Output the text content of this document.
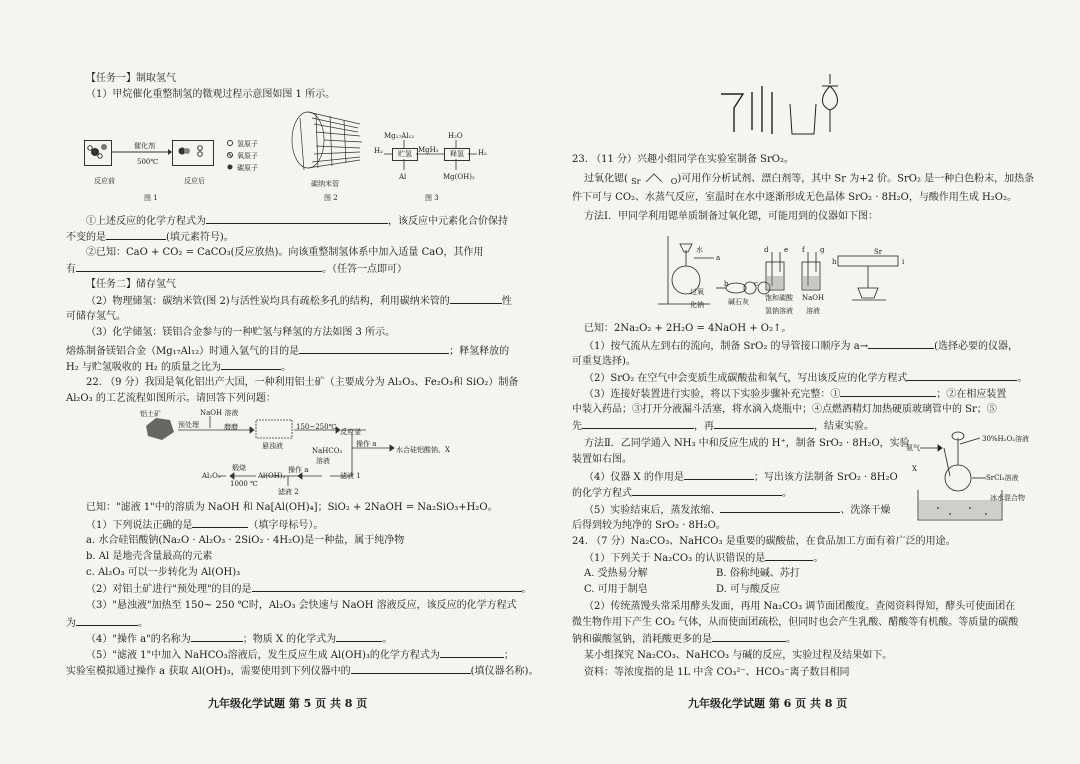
【任务一】制取氢气
（1）甲烷催化重整制氢的微观过程示意图如图 1 所示。
催化剂
500℃
氢原子
氧原子
碳原子
反应前	反应后
图 1
碳纳米管
图 2
Mg₁₇Al₁₂	H₂O
H₂	贮氢 MgH₂	释氢	H₂
Al	Mg(OH)₂
图 3
①上述反应的化学方程式为	，该反应中元素化合价保持
不变的是	(填元素符号)。
②已知：CaO + CO₂ = CaCO₃(反应放热)。向该重整制氢体系中加入适量 CaO，其作用
有	。（任答一点即可）
【任务二】储存氢气
（2）物理储氢：碳纳米管(图 2)与活性炭均具有疏松多孔的结构，利用碳纳米管的	性
可储存氢气。
（3）化学储氢：镁铝合金参与的一种贮氢与释氢的方法如图 3 所示。
熔炼制备镁铝合金（Mg₁₇Al₁₂）时通入氩气的目的是	；释氢释放的
H₂ 与贮氢吸收的 H₂ 的质量之比为	。
22. （9 分）我国是氧化铝出产大国，一种利用铝土矿（主要成分为 Al₂O₃、Fe₂O₃和 SiO₂）制备
Al₂O₃ 的工艺流程如图所示。请回答下列问题：
铝土矿
预处理
NaOH 溶液
磨磨
悬浊液
150~250℃
反应釜
操作 a
水合硅铝酸钠、X
NaHCO₃
溶液
滤液 1
Al₂O₃
煅烧
1000 ℃
Al(OH)₃
操作 a
滤液 2
已知："滤液 1"中的溶质为 NaOH 和 Na[Al(OH)₄]；SiO₂ + 2NaOH = Na₂SiO₃+H₂O。
（1）下列说法正确的是	（填字母标号）。
a. 水合硅铝酸钠(Na₂O · Al₂O₃ · 2SiO₂ · 4H₂O)是一种盐，属于纯净物
b. Al 是地壳含量最高的元素
c. Al₂O₃ 可以一步转化为 Al(OH)₃
（2）对铝土矿进行"预处理"的目的是	。
（3）"悬浊液"加热至 150~ 250 ℃时，Al₂O₃ 会快速与 NaOH 溶液反应，该反应的化学方程式
为	。
（4）"操作 a"的名称为	；物质 X 的化学式为	。
（5）"滤液 1"中加入 NaHCO₃溶液后，发生反应生成 Al(OH)₃的化学方程式为	；
实验室模拟通过操作 a 获取 Al(OH)₃，需要使用到下列仪器中的	(填仪器名称)。
九年级化学试题 第 5 页 共 8 页
23. （11 分）兴趣小组同学在实验室制备 SrO₂。
过氧化锶( $_{Sr}$	$_O$)可用作分析试剂、漂白剂等，其中 Sr 为+2 价。SrO₂ 是一种白色粉末，加热条
件下可与 CO₂、水蒸气反应，室温时在水中逐渐形成无色晶体 SrO₂ · 8H₂O，与酸作用生成 H₂O₂。
方法Ⅰ．甲同学利用锶单质制备过氧化锶，可能用到的仪器如下图：
水
a
b	c
d e f g
h	i
Sr
过氧化钠	碱石灰	饱和碳酸氢钠溶液
NaOH 溶液
已知：2Na₂O₂ + 2H₂O = 4NaOH + O₂↑。
（1）按气流从左到右的流向，制备 SrO₂ 的导管接口顺序为 a→	(选择必要的仪器，
可重复选择)。
（2）SrO₂ 在空气中会变质生成碳酸盐和氧气，写出该反应的化学方程式	。
（3）连接好装置进行实验，将以下实验步骤补充完整：①	；②在相应装置
中装入药品；③打开分液漏斗活塞，将水滴入烧瓶中；④点燃酒精灯加热硬质玻璃管中的 Sr；⑤
先	，再	，结束实验。
方法Ⅱ．乙同学通入 NH₃ 中和反应生成的 H⁺，制备 SrO₂ · 8H₂O，实验
装置如右图。
氨气
30%H₂O₂溶液
X
SrCl₂溶液
冰水混合物
（4）仪器 X 的作用是	；写出该方法制备 SrO₂ · 8H₂O
的化学方程式	。
（5）实验结束后，蒸发浓缩、	、洗涤干燥
后得到较为纯净的 SrO₂ · 8H₂O。
24. （7 分）Na₂CO₃、NaHCO₃ 是重要的碳酸盐，在食品加工方面有着广泛的用途。
（1）下列关于 Na₂CO₃ 的认识错误的是	。
A. 受热易分解	B. 俗称纯碱、苏打
C. 可用于制皂	D. 可与酸反应
（2）传统蒸馒头常采用酵头发面，再用 Na₂CO₃ 调节面团酸度。查阅资料得知，酵头可使面团在
微生物作用下产生 CO₂ 气体，从而使面团疏松，但同时也会产生乳酸、醋酸等有机酸。等质量的碳酸
钠和碳酸氢钠，消耗酸更多的是	。
某小组探究 Na₂CO₃、NaHCO₃ 与碱的反应，实验过程及结果如下。
资料：等浓度指的是 1L 中含 CO₃²⁻、HCO₃⁻离子数目相同
九年级化学试题 第 6 页 共 8 页
